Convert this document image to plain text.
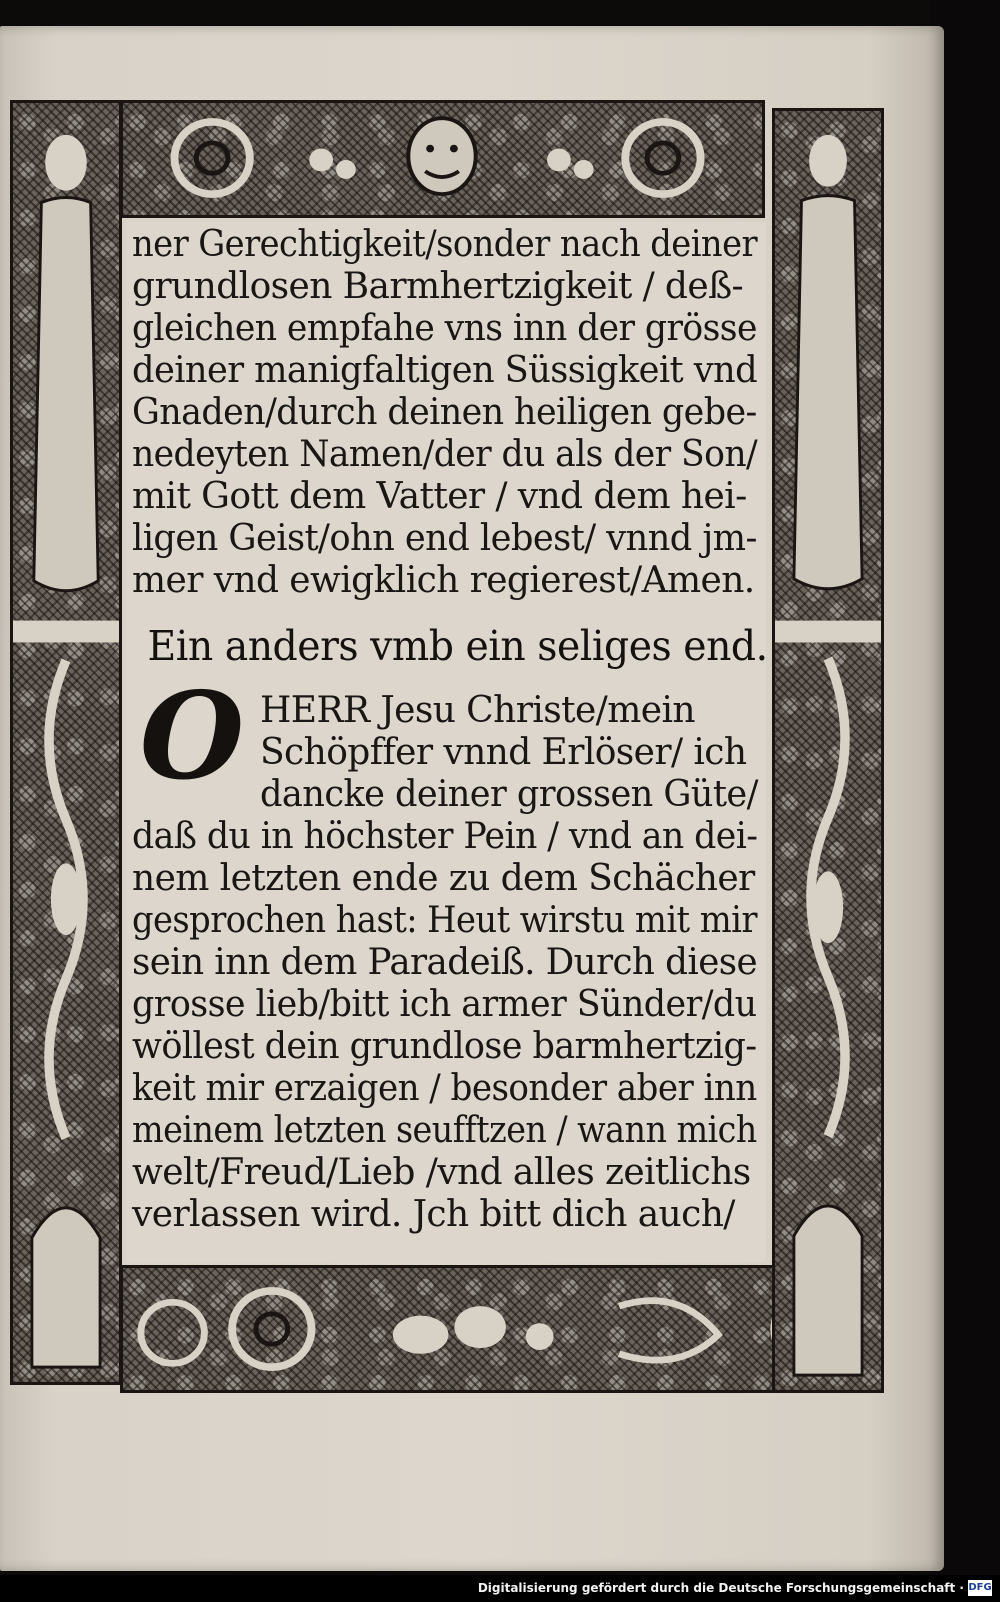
ner Gerechtigkeit/sonder nach deiner
grundlosen Barmhertzigkeit / deß-
gleichen empfahe vns inn der grösse
deiner manigfaltigen Süssigkeit vnd
Gnaden/durch deinen heiligen gebe-
nedeyten Namen/der du als der Son/
mit Gott dem Vatter / vnd dem hei-
ligen Geist/ohn end lebest/ vnnd jm-
mer vnd ewigklich regierest/Amen.
Ein anders vmb ein seliges end.
O HERR Jesu Christe/mein
Schöpffer vnnd Erlöser/ ich
dancke deiner grossen Güte/
daß du in höchster Pein / vnd an dei-
nem letzten ende zu dem Schächer
gesprochen hast: Heut wirstu mit mir
sein inn dem Paradeiß. Durch diese
grosse lieb/bitt ich armer Sünder/du
wöllest dein grundlose barmhertzig-
keit mir erzaigen / besonder aber inn
meinem letzten seufftzen / wann mich
welt/Freud/Lieb /vnd alles zeitlichs
verlassen wird. Jch bitt dich auch/
Digitalisierung gefördert durch die Deutsche Forschungsgemeinschaft · DFG
